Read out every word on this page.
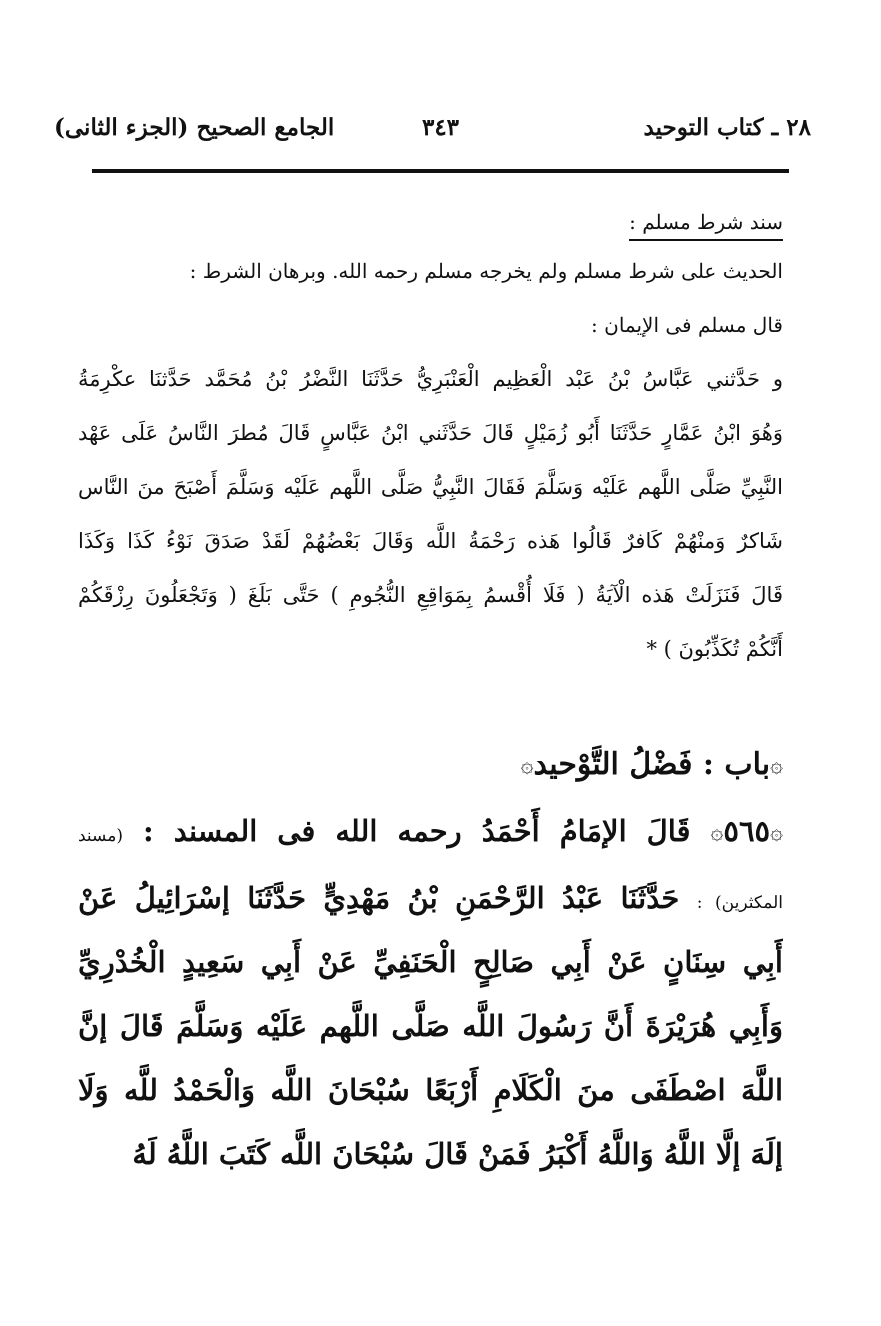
٢٨ ـ كتاب التوحيد
٣٤٣
الجامع الصحيح (الجزء الثانى)
سند شرط مسلم :
الحديث على شرط مسلم ولم يخرجه مسلم رحمه الله. وبرهان الشرط :
قال مسلم فى الإيمان :
و حَدَّثني عَبَّاسُ بْنُ عَبْد الْعَظِيم الْعَنْبَرِيُّ حَدَّثَنَا النَّضْرُ بْنُ مُحَمَّد حَدَّثنَا عكْرِمَةُ
وَهُوَ ابْنُ عَمَّارٍ حَدَّثَنَا أَبُو زُمَيْلٍ قَالَ حَدَّثَني ابْنُ عَبَّاسٍ قَالَ مُطرَ النَّاسُ عَلَى عَهْد
النَّبِيِّ صَلَّى اللَّهم عَلَيْه وَسَلَّمَ فَقَالَ النَّبِيُّ صَلَّى اللَّهم عَلَيْه وَسَلَّمَ أَصْبَحَ منَ النَّاس
شَاكرٌ وَمنْهُمْ كَافرٌ قَالُوا هَذه رَحْمَةُ اللَّه وَقَالَ بَعْضُهُمْ لَقَدْ صَدَقَ نَوْءُ كَذَا وَكَذَا
قَالَ فَنَزَلَتْ هَذه الْآيَةُ ( فَلَا أُقْسمُ بِمَوَاقِعِ النُّجُومِ ) حَتَّى بَلَغَ ( وَتَجْعَلُونَ رِزْقَكُمْ
أَنَّكُمْ تُكَذِّبُونَ ) *
۞باب : فَضْلُ التَّوْحيد۞
۞٥٦٥۞ قَالَ الإمَامُ أَحْمَدُ رحمه الله فى المسند : (مسند
المكثرين) : حَدَّثَنَا عَبْدُ الرَّحْمَنِ بْنُ مَهْدِيٍّ حَدَّثَنَا إسْرَائِيلُ عَنْ
أَبِي سِنَانٍ عَنْ أَبِي صَالِحٍ الْحَنَفِيِّ عَنْ أَبِي سَعِيدٍ الْخُدْرِيِّ
وَأَبِي هُرَيْرَةَ أَنَّ رَسُولَ اللَّه صَلَّى اللَّهم عَلَيْه وَسَلَّمَ قَالَ إنَّ
اللَّهَ اصْطَفَى منَ الْكَلَامِ أَرْبَعًا سُبْحَانَ اللَّه وَالْحَمْدُ للَّه وَلَا
إلَهَ إلَّا اللَّهُ وَاللَّهُ أَكْبَرُ فَمَنْ قَالَ سُبْحَانَ اللَّه كَتَبَ اللَّهُ لَهُ
